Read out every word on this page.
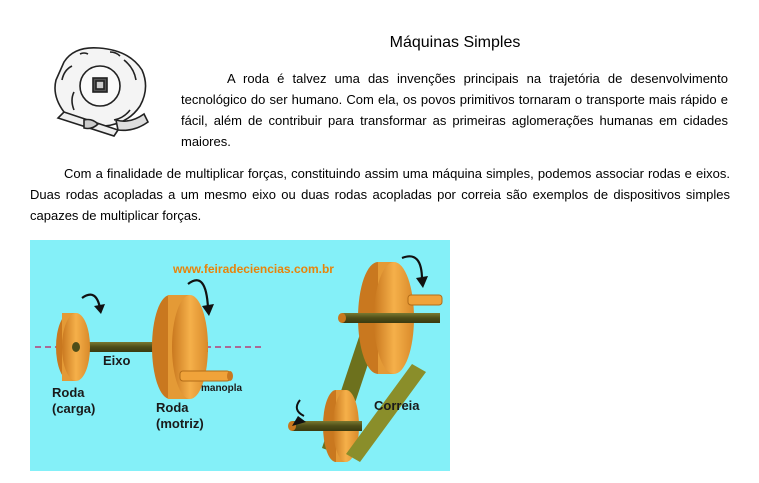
Máquinas Simples

A roda é talvez uma das invenções principais na trajetória de desenvolvimento tecnológico do ser humano. Com ela, os povos primitivos tornaram o transporte mais rápido e fácil, além de contribuir para transformar as primeiras aglomerações humanas em cidades maiores.

Com a finalidade de multiplicar forças, constituindo assim uma máquina simples, podemos associar rodas e eixos. Duas rodas acopladas a um mesmo eixo ou duas rodas acopladas por correia são exemplos de dispositivos simples capazes de multiplicar forças.

www.feiradeciencias.com.br
Eixo
Roda
(carga)	Roda
(motriz)
manopla
Correia
